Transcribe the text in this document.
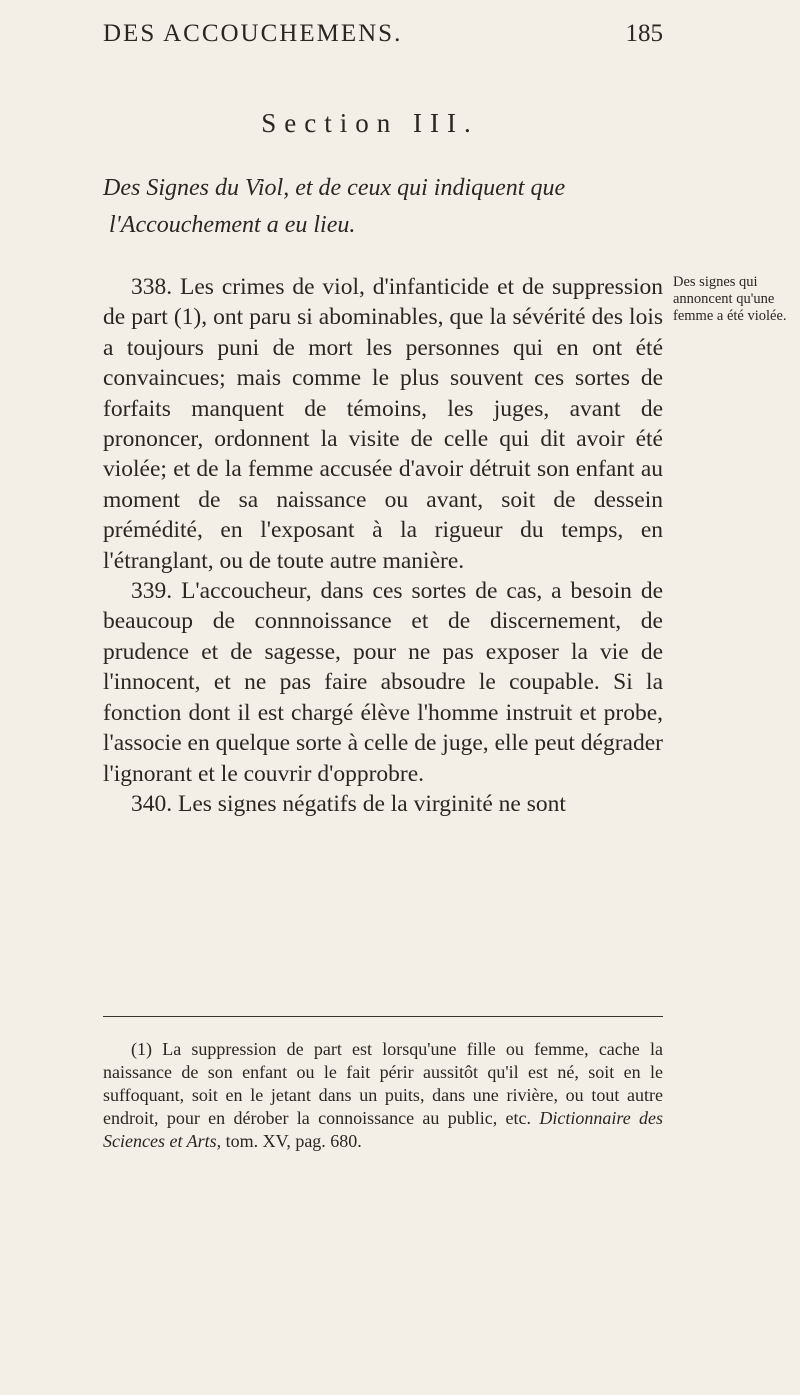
DES ACCOUCHEMENS.	185
Section III.
Des Signes du Viol, et de ceux qui indiquent que
l'Accouchement a eu lieu.

338. Les crimes de viol, d'infanticide et de suppression de part (1), ont paru si abominables, que la sévérité des lois a toujours puni de mort les personnes qui en ont été convaincues; mais comme le plus souvent ces sortes de forfaits manquent de témoins, les juges, avant de prononcer, ordonnent la visite de celle qui dit avoir été violée; et de la femme accusée d'avoir détruit son enfant au moment de sa naissance ou avant, soit de dessein prémédité, en l'exposant à la rigueur du temps, en l'étranglant, ou de toute autre manière.

339. L'accoucheur, dans ces sortes de cas, a besoin de beaucoup de connnoissance et de discernement, de prudence et de sagesse, pour ne pas exposer la vie de l'innocent, et ne pas faire absoudre le coupable. Si la fonction dont il est chargé élève l'homme instruit et probe, l'associe en quelque sorte à celle de juge, elle peut dégrader l'ignorant et le couvrir d'opprobre.

340. Les signes négatifs de la virginité ne sont

Des signes qui annoncent qu'une femme a été violée.

(1) La suppression de part est lorsqu'une fille ou femme, cache la naissance de son enfant ou le fait périr aussitôt qu'il est né, soit en le suffoquant, soit en le jetant dans un puits, dans une rivière, ou tout autre endroit, pour en dérober la connoissance au public, etc. Dictionnaire des Sciences et Arts, tom. XV, pag. 680.
